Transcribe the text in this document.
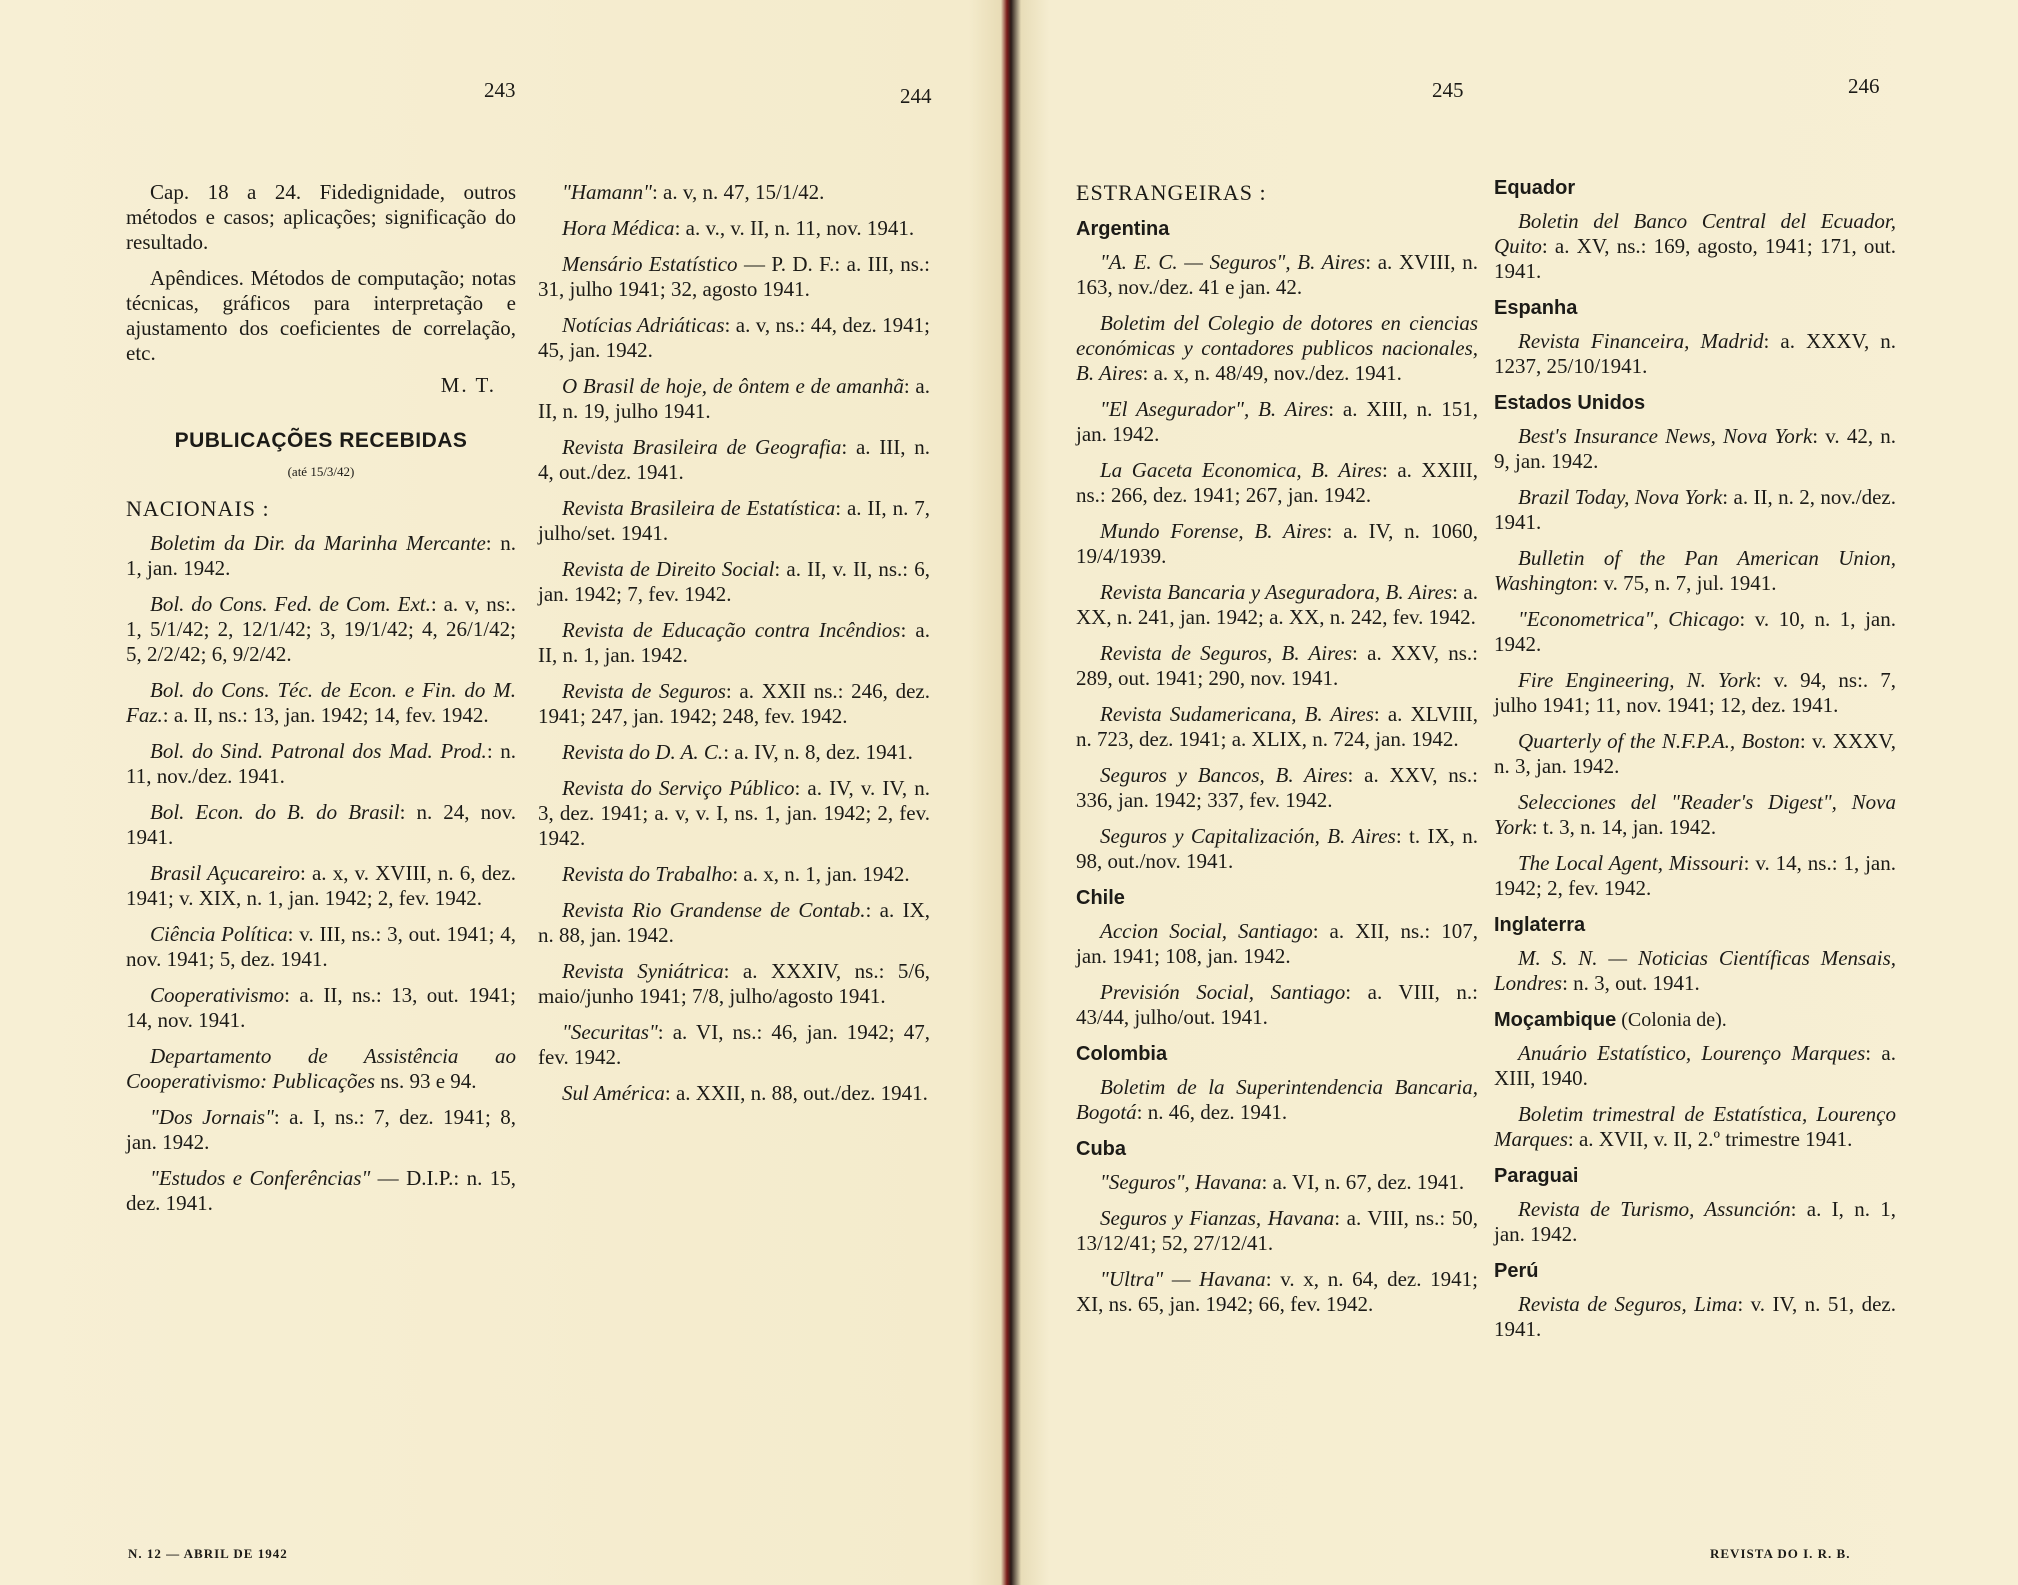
243	244

Cap. 18 a 24. Fidedignidade, outros métodos e casos; aplicações; significação do resultado.

Apêndices. Métodos de computação; notas técnicas, gráficos para interpretação e ajustamento dos coeficientes de correlação, etc.

M. T.
PUBLICAÇÕES RECEBIDAS
(até 15/3/42)
NACIONAIS :

Boletim da Dir. da Marinha Mercante: n. 1, jan. 1942.

Bol. do Cons. Fed. de Com. Ext.: a. v, ns:. 1, 5/1/42; 2, 12/1/42; 3, 19/1/42; 4, 26/1/42; 5, 2/2/42; 6, 9/2/42.

Bol. do Cons. Téc. de Econ. e Fin. do M. Faz.: a. II, ns.: 13, jan. 1942; 14, fev. 1942.

Bol. do Sind. Patronal dos Mad. Prod.: n. 11, nov./dez. 1941.

Bol. Econ. do B. do Brasil: n. 24, nov. 1941.

Brasil Açucareiro: a. x, v. XVIII, n. 6, dez. 1941; v. XIX, n. 1, jan. 1942; 2, fev. 1942.

Ciência Política: v. III, ns.: 3, out. 1941; 4, nov. 1941; 5, dez. 1941.

Cooperativismo: a. II, ns.: 13, out. 1941; 14, nov. 1941.

Departamento de Assistência ao Cooperativismo: Publicações ns. 93 e 94.

"Dos Jornais": a. I, ns.: 7, dez. 1941; 8, jan. 1942.

"Estudos e Conferências" — D.I.P.: n. 15, dez. 1941.

"Hamann": a. v, n. 47, 15/1/42.

Hora Médica: a. v., v. II, n. 11, nov. 1941.

Mensário Estatístico — P. D. F.: a. III, ns.: 31, julho 1941; 32, agosto 1941.

Notícias Adriáticas: a. v, ns.: 44, dez. 1941; 45, jan. 1942.

O Brasil de hoje, de ôntem e de amanhã: a. II, n. 19, julho 1941.

Revista Brasileira de Geografia: a. III, n. 4, out./dez. 1941.

Revista Brasileira de Estatística: a. II, n. 7, julho/set. 1941.

Revista de Direito Social: a. II, v. II, ns.: 6, jan. 1942; 7, fev. 1942.

Revista de Educação contra Incêndios: a. II, n. 1, jan. 1942.

Revista de Seguros: a. XXII ns.: 246, dez. 1941; 247, jan. 1942; 248, fev. 1942.

Revista do D. A. C.: a. IV, n. 8, dez. 1941.

Revista do Serviço Público: a. IV, v. IV, n. 3, dez. 1941; a. v, v. I, ns. 1, jan. 1942; 2, fev. 1942.

Revista do Trabalho: a. x, n. 1, jan. 1942.

Revista Rio Grandense de Contab.: a. IX, n. 88, jan. 1942.

Revista Syniátrica: a. XXXIV, ns.: 5/6, maio/junho 1941; 7/8, julho/agosto 1941.

"Securitas": a. VI, ns.: 46, jan. 1942; 47, fev. 1942.

Sul América: a. XXII, n. 88, out./dez. 1941.

N. 12 — ABRIL DE 1942
245	246
ESTRANGEIRAS :
Argentina

"A. E. C. — Seguros", B. Aires: a. XVIII, n. 163, nov./dez. 41 e jan. 42.

Boletim del Colegio de dotores en ciencias económicas y contadores publicos nacionales, B. Aires: a. x, n. 48/49, nov./dez. 1941.

"El Asegurador", B. Aires: a. XIII, n. 151, jan. 1942.

La Gaceta Economica, B. Aires: a. XXIII, ns.: 266, dez. 1941; 267, jan. 1942.

Mundo Forense, B. Aires: a. IV, n. 1060, 19/4/1939.

Revista Bancaria y Aseguradora, B. Aires: a. XX, n. 241, jan. 1942; a. XX, n. 242, fev. 1942.

Revista de Seguros, B. Aires: a. XXV, ns.: 289, out. 1941; 290, nov. 1941.

Revista Sudamericana, B. Aires: a. XLVIII, n. 723, dez. 1941; a. XLIX, n. 724, jan. 1942.

Seguros y Bancos, B. Aires: a. XXV, ns.: 336, jan. 1942; 337, fev. 1942.

Seguros y Capitalización, B. Aires: t. IX, n. 98, out./nov. 1941.

Chile

Accion Social, Santiago: a. XII, ns.: 107, jan. 1941; 108, jan. 1942.

Previsión Social, Santiago: a. VIII, n.: 43/44, julho/out. 1941.

Colombia

Boletim de la Superintendencia Bancaria, Bogotá: n. 46, dez. 1941.

Cuba

"Seguros", Havana: a. VI, n. 67, dez. 1941.

Seguros y Fianzas, Havana: a. VIII, ns.: 50, 13/12/41; 52, 27/12/41.

"Ultra" — Havana: v. x, n. 64, dez. 1941; XI, ns. 65, jan. 1942; 66, fev. 1942.

Equador

Boletin del Banco Central del Ecuador, Quito: a. XV, ns.: 169, agosto, 1941; 171, out. 1941.

Espanha

Revista Financeira, Madrid: a. XXXV, n. 1237, 25/10/1941.

Estados Unidos

Best's Insurance News, Nova York: v. 42, n. 9, jan. 1942.

Brazil Today, Nova York: a. II, n. 2, nov./dez. 1941.

Bulletin of the Pan American Union, Washington: v. 75, n. 7, jul. 1941.

"Econometrica", Chicago: v. 10, n. 1, jan. 1942.

Fire Engineering, N. York: v. 94, ns:. 7, julho 1941; 11, nov. 1941; 12, dez. 1941.

Quarterly of the N.F.P.A., Boston: v. XXXV, n. 3, jan. 1942.

Selecciones del "Reader's Digest", Nova York: t. 3, n. 14, jan. 1942.

The Local Agent, Missouri: v. 14, ns.: 1, jan. 1942; 2, fev. 1942.

Inglaterra

M. S. N. — Noticias Científicas Mensais, Londres: n. 3, out. 1941.

Moçambique (Colonia de).

Anuário Estatístico, Lourenço Marques: a. XIII, 1940.

Boletim trimestral de Estatística, Lourenço Marques: a. XVII, v. II, 2.º trimestre 1941.

Paraguai

Revista de Turismo, Assunción: a. I, n. 1, jan. 1942.

Perú

Revista de Seguros, Lima: v. IV, n. 51, dez. 1941.

REVISTA DO I. R. B.
